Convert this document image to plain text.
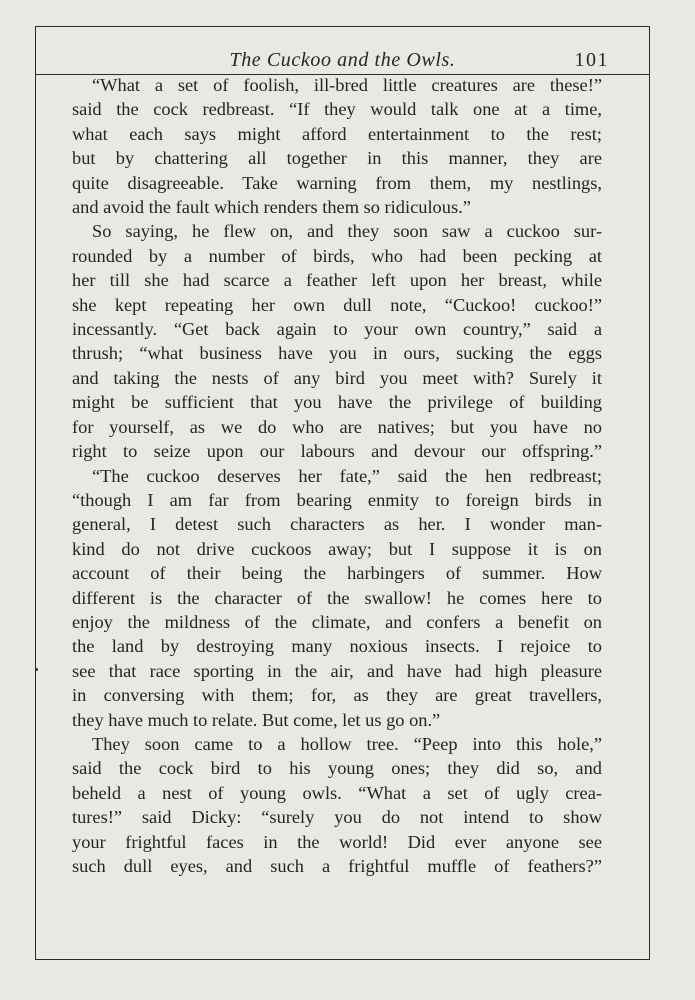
The Cuckoo and the Owls.	101
“What a set of foolish, ill-bred little creatures are these!”
said the cock redbreast. “If they would talk one at a time,
what each says might afford entertainment to the rest;
but by chattering all together in this manner, they are
quite disagreeable. Take warning from them, my nestlings,
and avoid the fault which renders them so ridiculous.”
So saying, he flew on, and they soon saw a cuckoo sur-
rounded by a number of birds, who had been pecking at
her till she had scarce a feather left upon her breast, while
she kept repeating her own dull note, “Cuckoo! cuckoo!”
incessantly. “Get back again to your own country,” said a
thrush; “what business have you in ours, sucking the eggs
and taking the nests of any bird you meet with? Surely it
might be sufficient that you have the privilege of building
for yourself, as we do who are natives; but you have no
right to seize upon our labours and devour our offspring.”
“The cuckoo deserves her fate,” said the hen redbreast;
“though I am far from bearing enmity to foreign birds in
general, I detest such characters as her. I wonder man-
kind do not drive cuckoos away; but I suppose it is on
account of their being the harbingers of summer. How
different is the character of the swallow! he comes here to
enjoy the mildness of the climate, and confers a benefit on
the land by destroying many noxious insects. I rejoice to
see that race sporting in the air, and have had high pleasure
in conversing with them; for, as they are great travellers,
they have much to relate. But come, let us go on.”
They soon came to a hollow tree. “Peep into this hole,”
said the cock bird to his young ones; they did so, and
beheld a nest of young owls. “What a set of ugly crea-
tures!” said Dicky: “surely you do not intend to show
your frightful faces in the world! Did ever anyone see
such dull eyes, and such a frightful muffle of feathers?”
